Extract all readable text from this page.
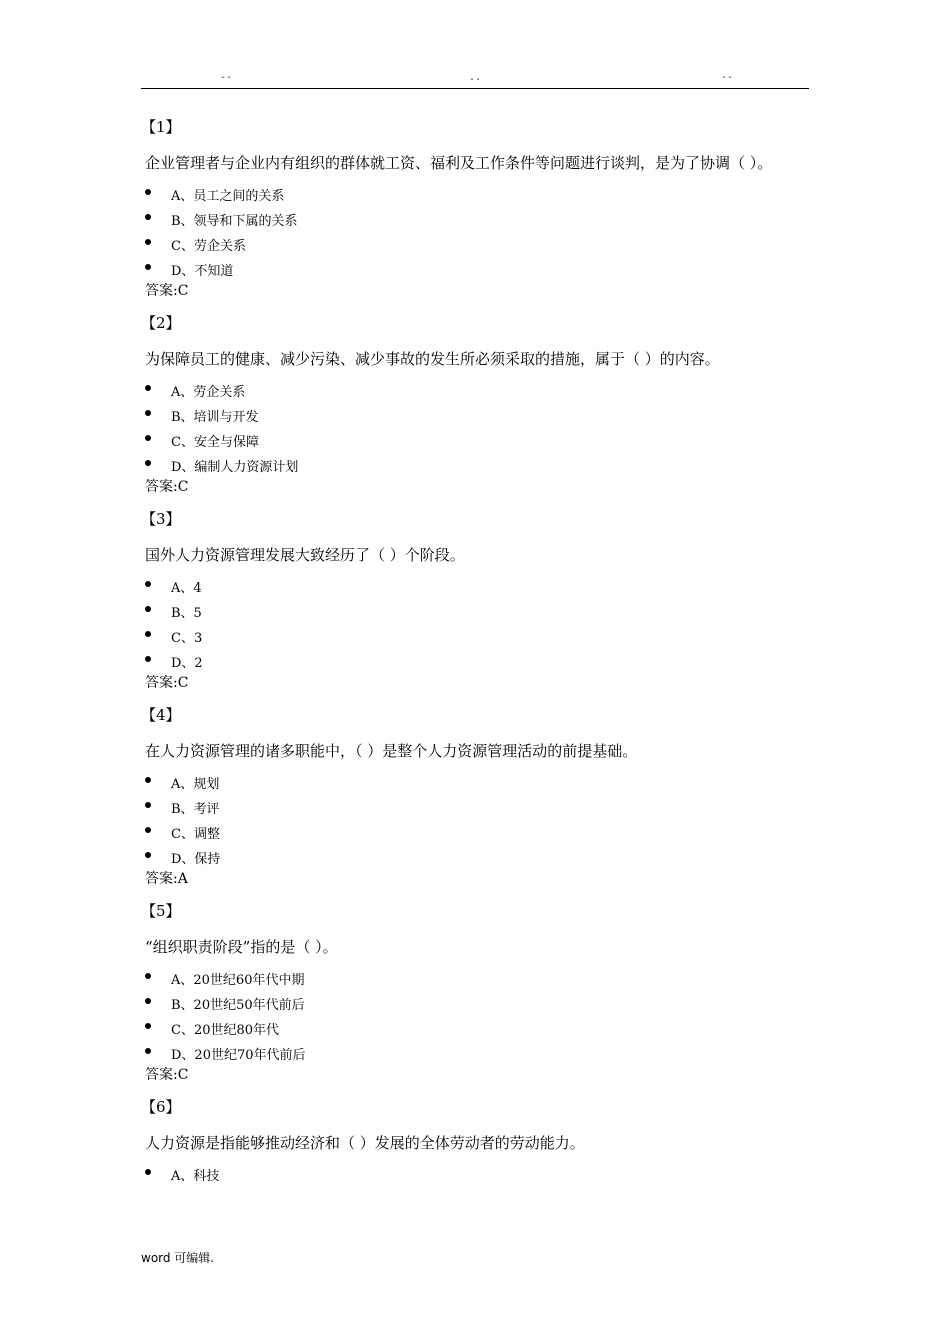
--	..	--
【1】
企业管理者与企业内有组织的群体就工资、福利及工作条件等问题进行谈判，是为了协调（ ）。
A、员工之间的关系
B、领导和下属的关系
C、劳企关系
D、不知道
答案:C
【2】
为保障员工的健康、减少污染、减少事故的发生所必须采取的措施，属于（ ）的内容。
A、劳企关系
B、培训与开发
C、安全与保障
D、编制人力资源计划
答案:C
【3】
国外人力资源管理发展大致经历了（ ）个阶段。
A、4
B、5
C、3
D、2
答案:C
【4】
在人力资源管理的诸多职能中，（ ）是整个人力资源管理活动的前提基础。
A、规划
B、考评
C、调整
D、保持
答案:A
【5】
“组织职责阶段”指的是（ ）。
A、20世纪60年代中期
B、20世纪50年代前后
C、20世纪80年代
D、20世纪70年代前后
答案:C
【6】
人力资源是指能够推动经济和（ ）发展的全体劳动者的劳动能力。
A、科技
word 可编辑.
